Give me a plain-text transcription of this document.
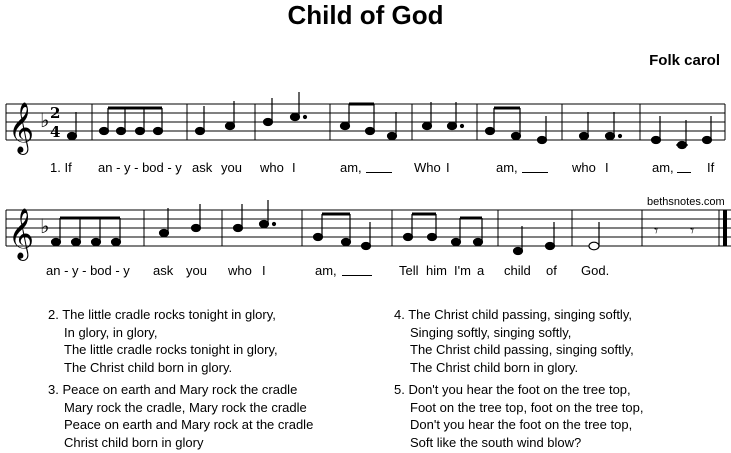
Child of God
Folk carol
bethsnotes.com
𝄞 ♭ 2
4
𝄞 ♭	𝄾 𝄾
1. If an - y - bod - y ask you who I	am,	Who I	am,	who I	am,	If
an - y - bod - y ask you who I	am,	Tell him I'm a child of God.
2. The little cradle rocks tonight in glory,
In glory, in glory,
The little cradle rocks tonight in glory,
The Christ child born in glory.
3. Peace on earth and Mary rock the cradle
Mary rock the cradle, Mary rock the cradle
Peace on earth and Mary rock at the cradle
Christ child born in glory
4. The Christ child passing, singing softly,
Singing softly, singing softly,
The Christ child passing, singing softly,
The Christ child born in glory.
5. Don't you hear the foot on the tree top,
Foot on the tree top, foot on the tree top,
Don't you hear the foot on the tree top,
Soft like the south wind blow?
